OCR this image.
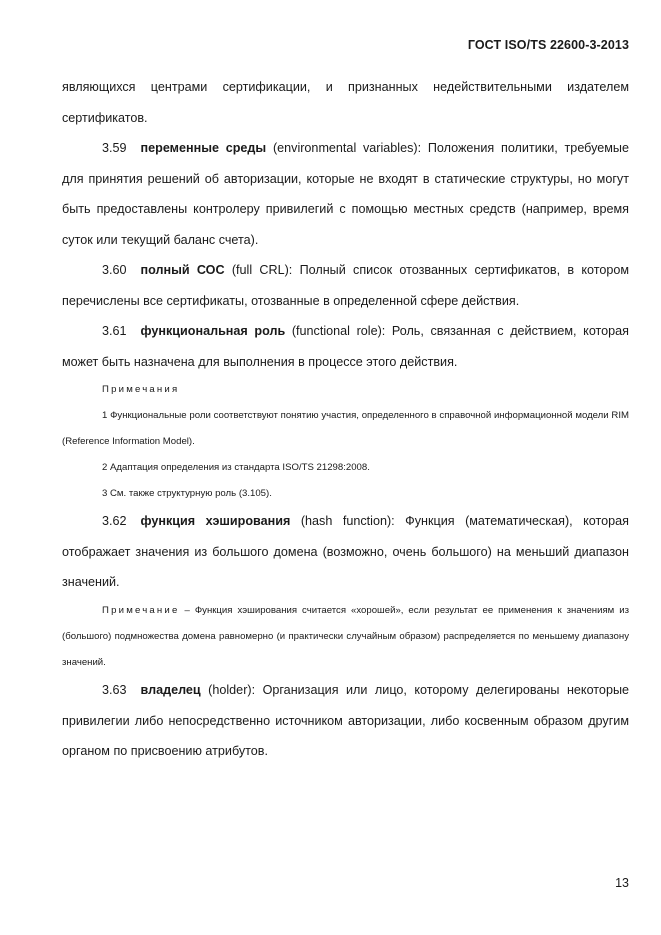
ГОСТ ISO/TS 22600-3-2013

являющихся центрами сертификации, и признанных недействительными издателем сертификатов.

3.59 переменные среды (environmental variables): Положения политики, требуемые для принятия решений об авторизации, которые не входят в статические структуры, но могут быть предоставлены контролеру привилегий с помощью местных средств (например, время суток или текущий баланс счета).

3.60 полный СОС (full CRL): Полный список отозванных сертификатов, в котором перечислены все сертификаты, отозванные в определенной сфере действия.

3.61 функциональная роль (functional role): Роль, связанная с действием, которая может быть назначена для выполнения в процессе этого действия.

Примечания

1 Функциональные роли соответствуют понятию участия, определенного в справочной информационной модели RIM (Reference Information Model).

2 Адаптация определения из стандарта ISO/TS 21298:2008.

3 См. также структурную роль (3.105).

3.62 функция хэширования (hash function): Функция (математическая), которая отображает значения из большого домена (возможно, очень большого) на меньший диапазон значений.

Примечание – Функция хэширования считается «хорошей», если результат ее применения к значениям из (большого) подмножества домена равномерно (и практически случайным образом) распределяется по меньшему диапазону значений.

3.63 владелец (holder): Организация или лицо, которому делегированы некоторые привилегии либо непосредственно источником авторизации, либо косвенным образом другим органом по присвоению атрибутов.

13
